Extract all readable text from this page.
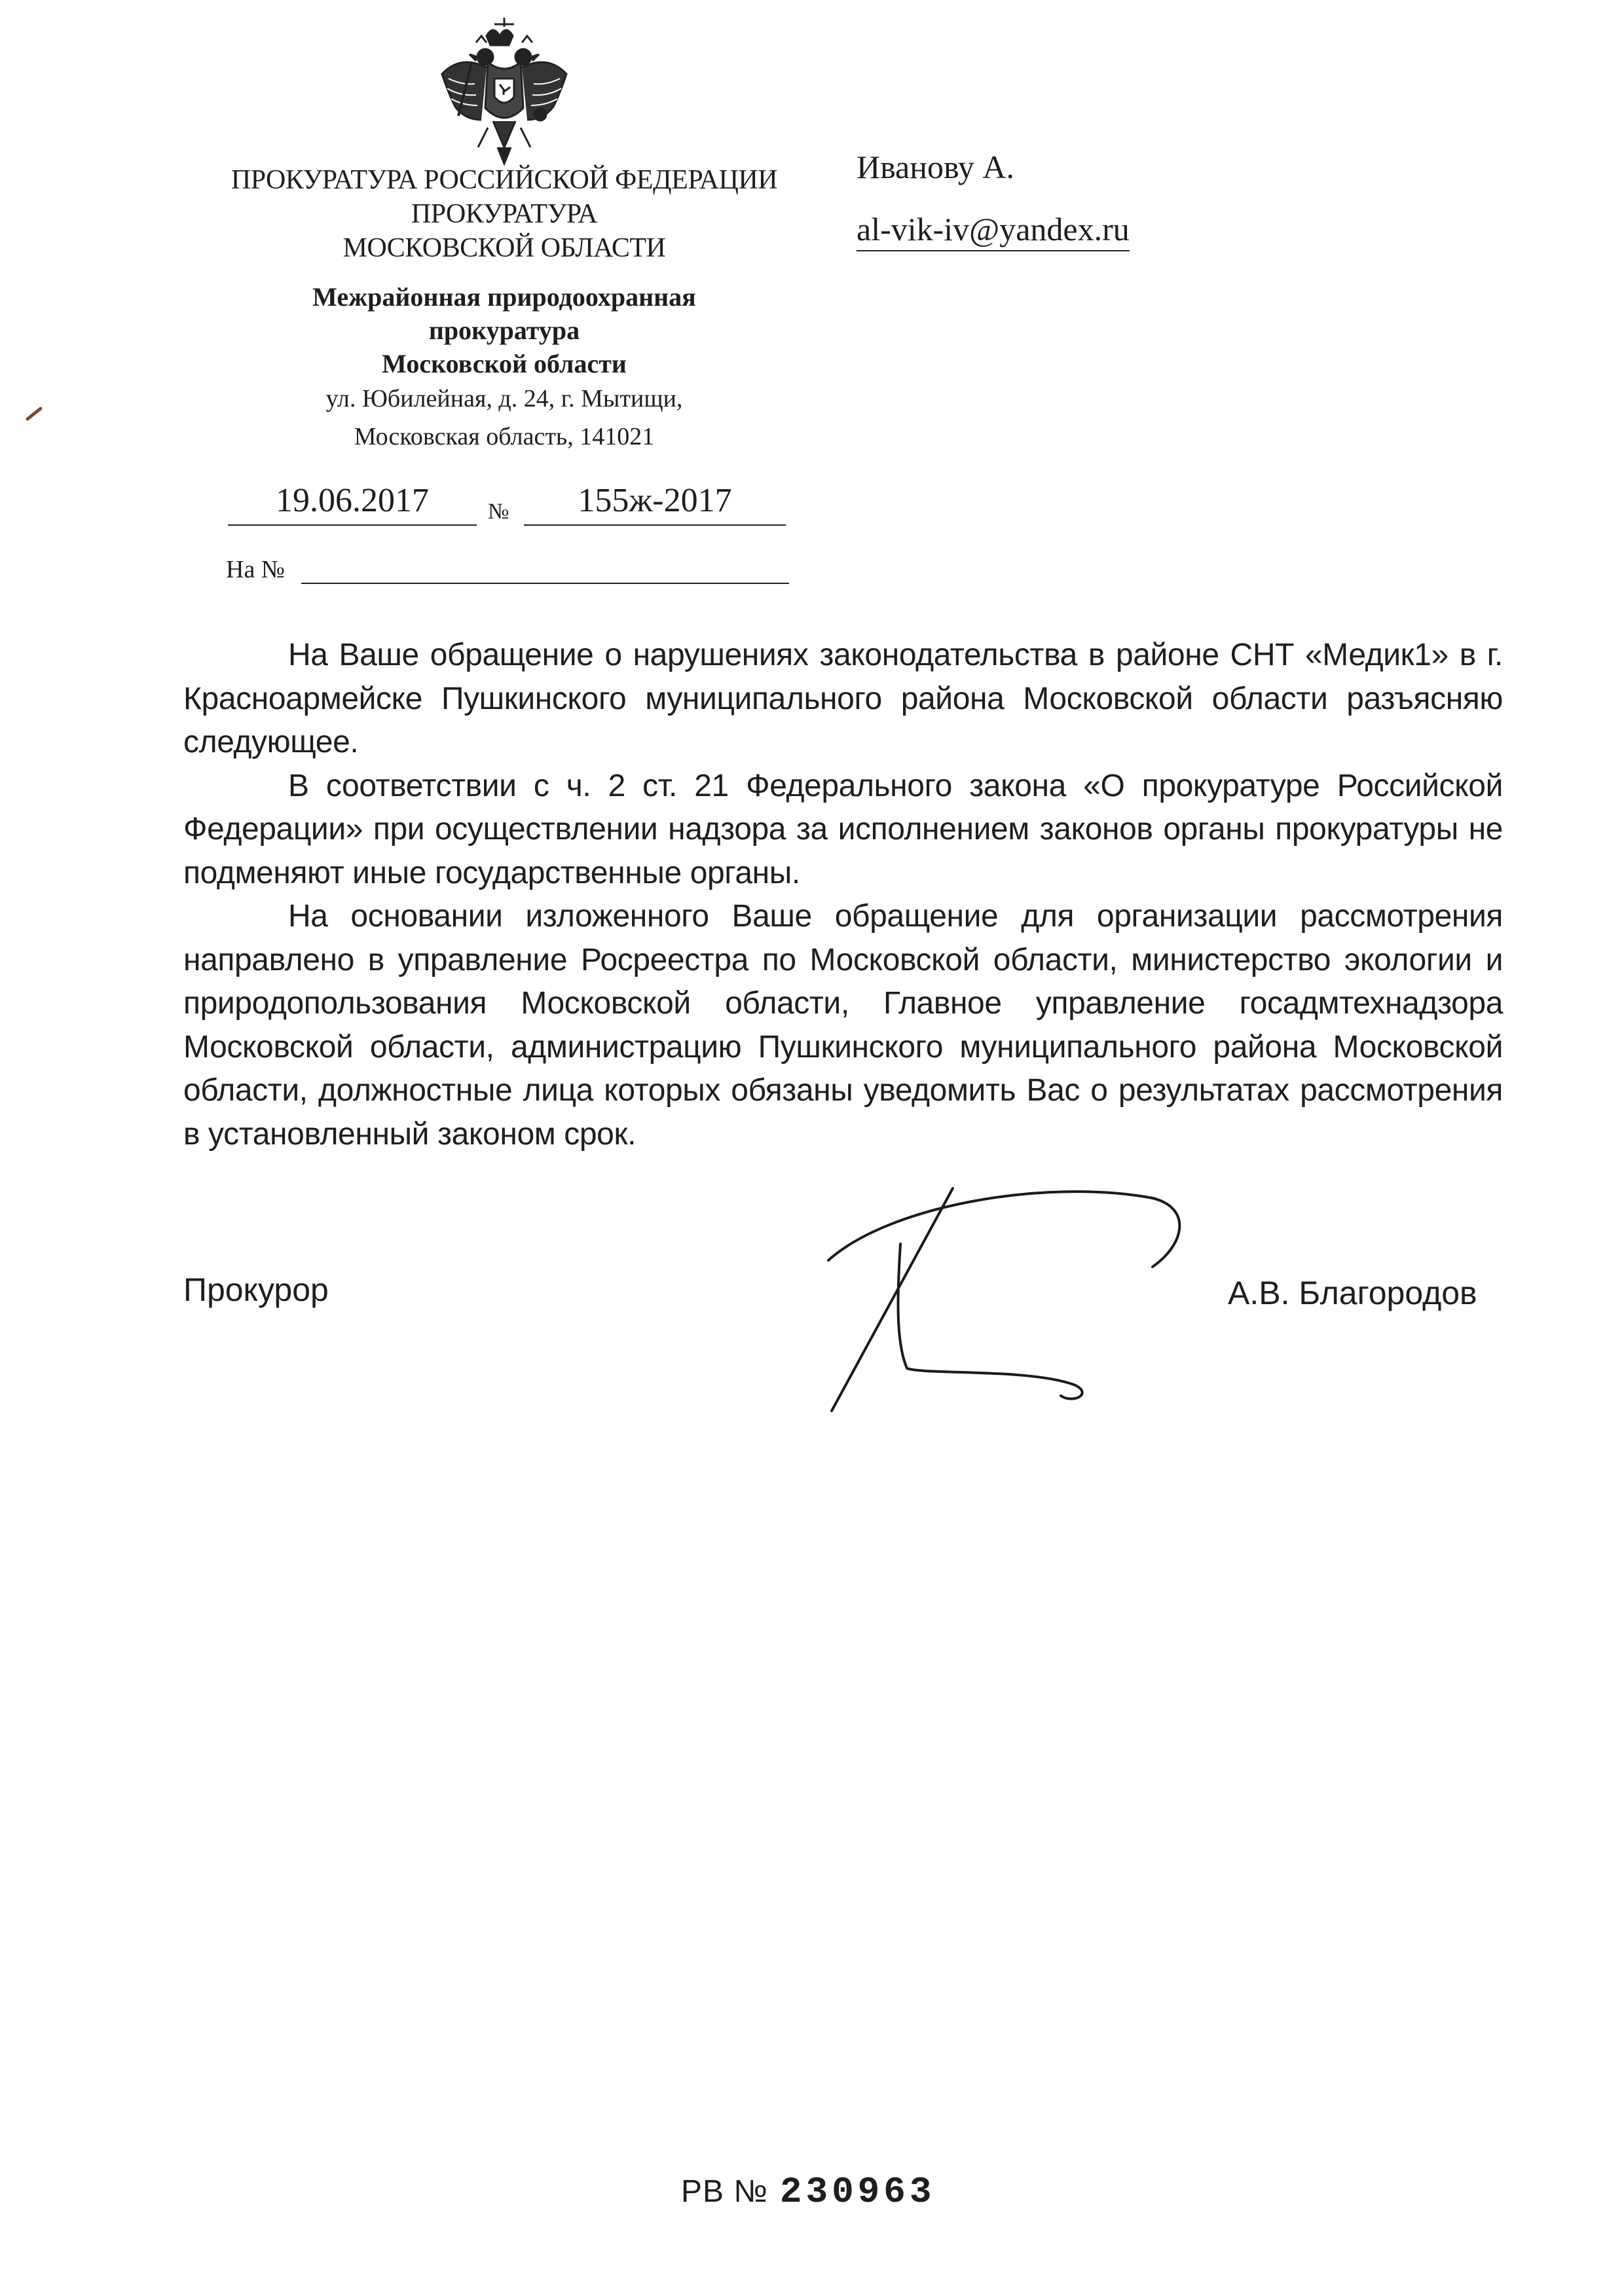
ПРОКУРАТУРА РОССИЙСКОЙ ФЕДЕРАЦИИ
ПРОКУРАТУРА
МОСКОВСКОЙ ОБЛАСТИ
Межрайонная природоохранная
прокуратура
Московской области
ул. Юбилейная, д. 24, г. Мытищи,
Московская область, 141021
19.06.2017	№	155ж-2017
На №
Иванову А.
al-vik-iv@yandex.ru

На Ваше обращение о нарушениях законодательства в районе СНТ «Медик1» в г. Красноармейске Пушкинского муниципального района Московской области разъясняю следующее.

В соответствии с ч. 2 ст. 21 Федерального закона «О прокуратуре Российской Федерации» при осуществлении надзора за исполнением законов органы прокуратуры не подменяют иные государственные органы.

На основании изложенного Ваше обращение для организации рассмотрения направлено в управление Росреестра по Московской области, министерство экологии и природопользования Московской области, Главное управление госадмтехнадзора Московской области, администрацию Пушкинского муниципального района Московской области, должностные лица которых обязаны уведомить Вас о результатах рассмотрения в установленный законом срок.

Прокурор	А.В. Благородов
РВ № 230963
